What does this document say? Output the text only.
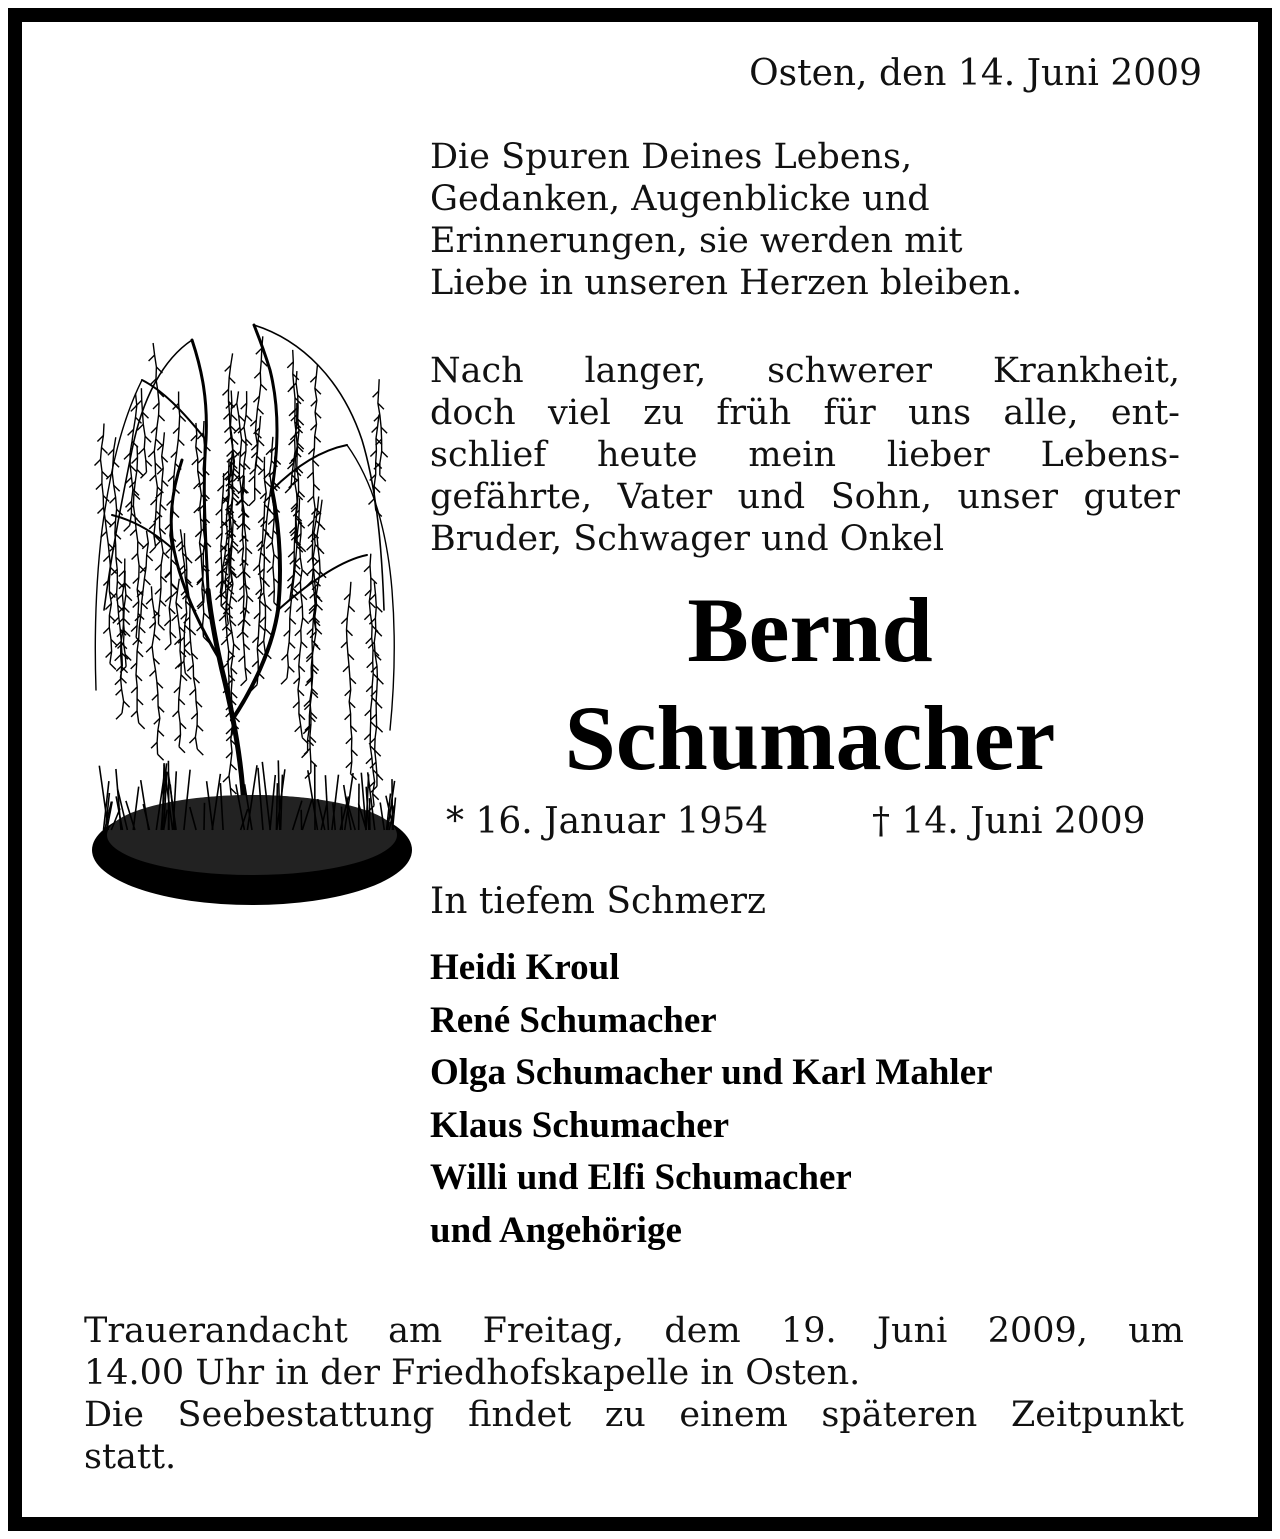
Osten, den 14. Juni 2009
Die Spuren Deines Lebens,
Gedanken, Augenblicke und
Erinnerungen, sie werden mit
Liebe in unseren Herzen bleiben.
Nach langer, schwerer Krankheit,
doch viel zu früh für uns alle, ent-
schlief heute mein lieber Lebens-
gefährte, Vater und Sohn, unser guter
Bruder, Schwager und Onkel
Bernd
Schumacher
* 16. Januar 1954	† 14. Juni 2009
In tiefem Schmerz
Heidi Kroul
René Schumacher
Olga Schumacher und Karl Mahler
Klaus Schumacher
Willi und Elfi Schumacher
und Angehörige
Trauerandacht am Freitag, dem 19. Juni 2009, um
14.00 Uhr in der Friedhofskapelle in Osten.
Die Seebestattung findet zu einem späteren Zeitpunkt
statt.
